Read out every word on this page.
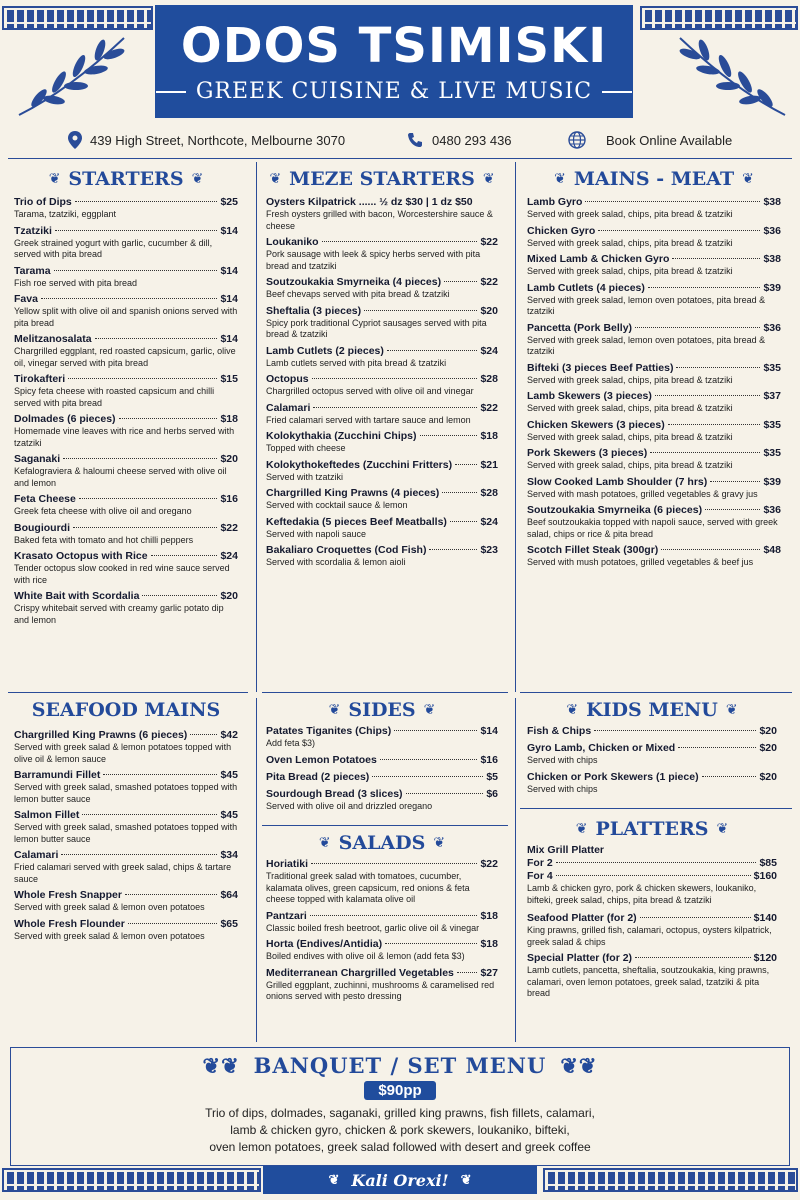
ODOS TSIMISKI
GREEK CUISINE & LIVE MUSIC
439 High Street, Northcote, Melbourne 3070	0480 293 436	Book Online Available
❦ STARTERS ❦
Trio of Dips	$25
Tarama, tzatziki, eggplant
Tzatziki	$14
Greek strained yogurt with garlic, cucumber & dill, served with pita bread
Tarama	$14
Fish roe served with pita bread
Fava	$14
Yellow split with olive oil and spanish onions served with pita bread
Melitzanosalata	$14
Chargrilled eggplant, red roasted capsicum, garlic, olive oil, vinegar served with pita bread
Tirokafteri	$15
Spicy feta cheese with roasted capsicum and chilli served with pita bread
Dolmades (6 pieces)	$18
Homemade vine leaves with rice and herbs served with tzatziki
Saganaki	$20
Kefalograviera & haloumi cheese served with olive oil and lemon
Feta Cheese	$16
Greek feta cheese with olive oil and oregano
Bougiourdi	$22
Baked feta with tomato and hot chilli peppers
Krasato Octopus with Rice	$24
Tender octopus slow cooked in red wine sauce served with rice
White Bait with Scordalia	$20
Crispy whitebait served with creamy garlic potato dip and lemon
❦ MEZE STARTERS ❦
Oysters Kilpatrick ...... ½ dz $30 | 1 dz $50
Fresh oysters grilled with bacon, Worcestershire sauce & cheese
Loukaniko	$22
Pork sausage with leek & spicy herbs served with pita bread and tzatziki
Soutzoukakia Smyrneika (4 pieces)	$22
Beef chevaps served with pita bread & tzatziki
Sheftalia (3 pieces)	$20
Spicy pork traditional Cypriot sausages served with pita bread & tzatziki
Lamb Cutlets (2 pieces)	$24
Lamb cutlets served with pita bread & tzatziki
Octopus	$28
Chargrilled octopus served with olive oil and vinegar
Calamari	$22
Fried calamari served with tartare sauce and lemon
Kolokythakia (Zucchini Chips)	$18
Topped with cheese
Kolokythokeftedes (Zucchini Fritters)	$21
Served with tzatziki
Chargrilled King Prawns (4 pieces)	$28
Served with cocktail sauce & lemon
Keftedakia (5 pieces Beef Meatballs)	$24
Served with napoli sauce
Bakaliaro Croquettes (Cod Fish)	$23
Served with scordalia & lemon aioli
❦ MAINS - MEAT ❦
Lamb Gyro	$38
Served with greek salad, chips, pita bread & tzatziki
Chicken Gyro	$36
Served with greek salad, chips, pita bread & tzatziki
Mixed Lamb & Chicken Gyro	$38
Served with greek salad, chips, pita bread & tzatziki
Lamb Cutlets (4 pieces)	$39
Served with greek salad, lemon oven potatoes, pita bread & tzatziki
Pancetta (Pork Belly)	$36
Served with greek salad, lemon oven potatoes, pita bread & tzatziki
Bifteki (3 pieces Beef Patties)	$35
Served with greek salad, chips, pita bread & tzatziki
Lamb Skewers (3 pieces)	$37
Served with greek salad, chips, pita bread & tzatziki
Chicken Skewers (3 pieces)	$35
Served with greek salad, chips, pita bread & tzatziki
Pork Skewers (3 pieces)	$35
Served with greek salad, chips, pita bread & tzatziki
Slow Cooked Lamb Shoulder (7 hrs)	$39
Served with mash potatoes, grilled vegetables & gravy jus
Soutzoukakia Smyrneika (6 pieces)	$36
Beef soutzoukakia topped with napoli sauce, served with greek salad, chips or rice & pita bread
Scotch Fillet Steak (300gr)	$48
Served with mush potatoes, grilled vegetables & beef jus
SEAFOOD MAINS
Chargrilled King Prawns (6 pieces)	$42
Served with greek salad & lemon potatoes topped with olive oil & lemon sauce
Barramundi Fillet	$45
Served with greek salad, smashed potatoes topped with lemon butter sauce
Salmon Fillet	$45
Served with greek salad, smashed potatoes topped with lemon butter sauce
Calamari	$34
Fried calamari served with greek salad, chips & tartare sauce
Whole Fresh Snapper	$64
Served with greek salad & lemon oven potatoes
Whole Fresh Flounder	$65
Served with greek salad & lemon oven potatoes
❦ SIDES ❦
Patates Tiganites (Chips)	$14
Add feta $3)
Oven Lemon Potatoes	$16
Pita Bread (2 pieces)	$5
Sourdough Bread (3 slices)	$6
Served with olive oil and drizzled oregano
❦ SALADS ❦
Horiatiki	$22
Traditional greek salad with tomatoes, cucumber, kalamata olives, green capsicum, red onions & feta cheese topped with kalamata olive oil
Pantzari	$18
Classic boiled fresh beetroot, garlic olive oil & vinegar
Horta (Endives/Antidia)	$18
Boiled endives with olive oil & lemon (add feta $3)
Mediterranean Chargrilled Vegetables	$27
Grilled eggplant, zuchinni, mushrooms & caramelised red onions served with pesto dressing
❦ KIDS MENU ❦
Fish & Chips	$20
Gyro Lamb, Chicken or Mixed	$20
Served with chips
Chicken or Pork Skewers (1 piece)	$20
Served with chips
❦ PLATTERS ❦
Mix Grill Platter
For 2	$85
For 4	$160
Lamb & chicken gyro, pork & chicken skewers, loukaniko, bifteki, greek salad, chips, pita bread & tzatziki
Seafood Platter (for 2)	$140
King prawns, grilled fish, calamari, octopus, oysters kilpatrick, greek salad & chips
Special Platter (for 2)	$120
Lamb cutlets, pancetta, sheftalia, soutzoukakia, king prawns, calamari, oven lemon potatoes, greek salad, tzatziki & pita bread
❦❦ BANQUET / SET MENU ❦❦
$90pp
Trio of dips, dolmades, saganaki, grilled king prawns, fish fillets, calamari,
lamb & chicken gyro, chicken & pork skewers, loukaniko, bifteki,
oven lemon potatoes, greek salad followed with desert and greek coffee
❦ Kali Orexi! ❦
